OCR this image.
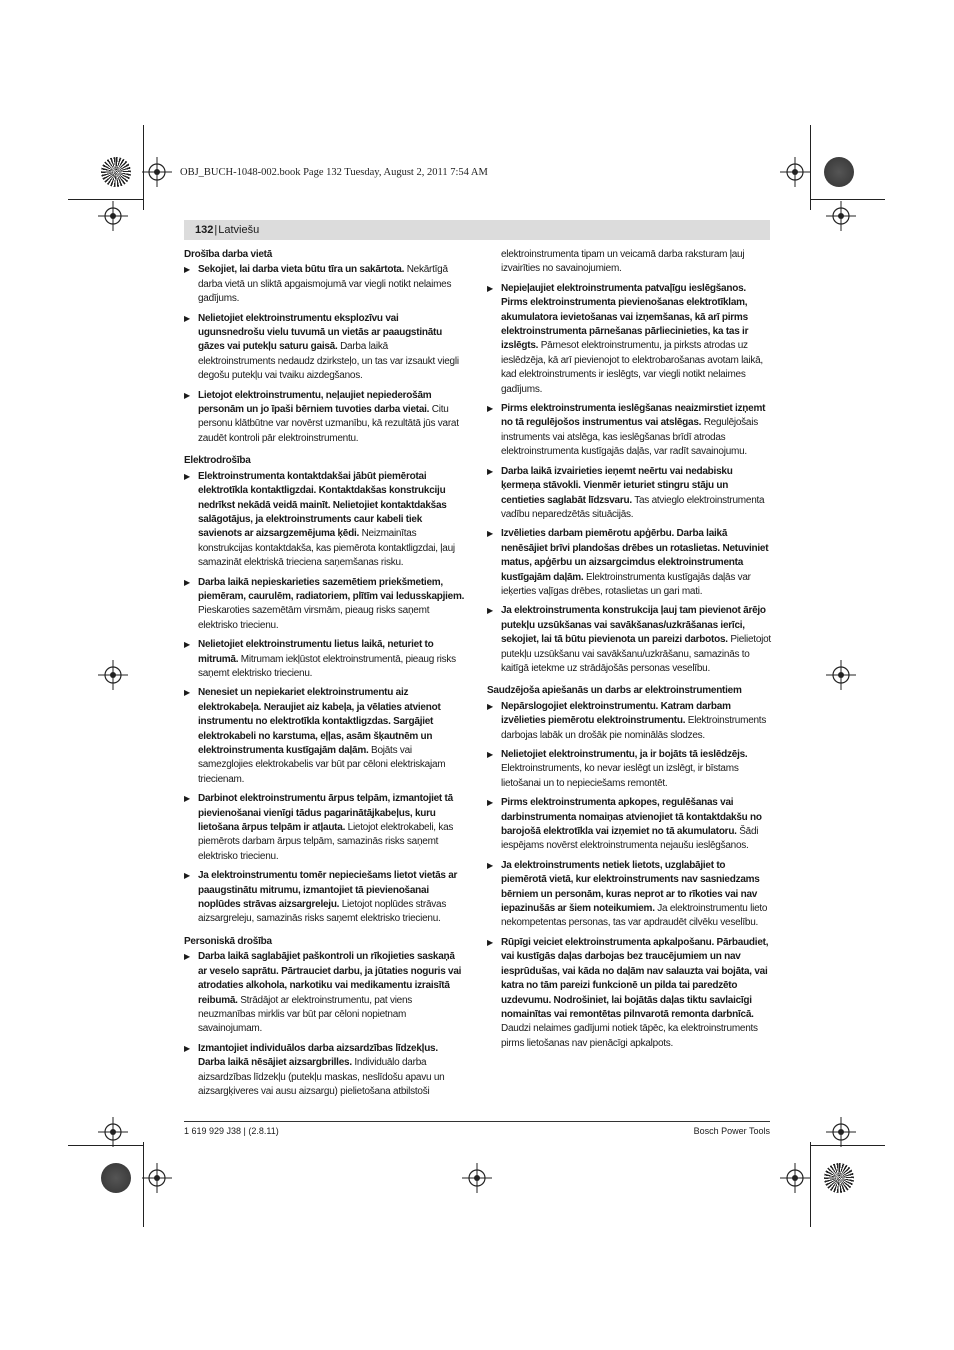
OBJ_BUCH-1048-002.book Page 132 Tuesday, August 2, 2011 7:54 AM
132|Latviešu
Drošība darba vietā
▶ Sekojiet, lai darba vieta būtu tīra un sakārtota. Nekārtīgā darba vietā un sliktā apgaismojumā var viegli notikt nelaimes gadījums.
▶ Nelietojiet elektroinstrumentu eksplozīvu vai ugunsnedrošu vielu tuvumā un vietās ar paaugstinātu gāzes vai putekļu saturu gaisā. Darba laikā elektroinstruments nedaudz dzirksteļo, un tas var izsaukt viegli degošu putekļu vai tvaiku aizdegšanos.
▶ Lietojot elektroinstrumentu, neļaujiet nepiederošām personām un jo īpaši bērniem tuvoties darba vietai. Citu personu klātbūtne var novērst uzmanību, kā rezultātā jūs varat zaudēt kontroli pār elektroinstrumentu.
Elektrodrošība
▶ Elektroinstrumenta kontaktdakšai jābūt piemērotai elektrotīkla kontaktligzdai. Kontaktdakšas konstrukciju nedrīkst nekādā veidā mainīt. Nelietojiet kontaktdakšas salāgotājus, ja elektroinstruments caur kabeli tiek savienots ar aizsargzemējuma ķēdi. Neizmainītas konstrukcijas kontaktdakša, kas piemērota kontaktligzdai, ļauj samazināt elektriskā trieciena saņemšanas risku.
▶ Darba laikā nepieskarieties sazemētiem priekšmetiem, piemēram, caurulēm, radiatoriem, plītīm vai ledusskapjiem. Pieskaroties sazemētām virsmām, pieaug risks saņemt elektrisko triecienu.
▶ Nelietojiet elektroinstrumentu lietus laikā, neturiet to mitrumā. Mitrumam iekļūstot elektroinstrumentā, pieaug risks saņemt elektrisko triecienu.
▶ Nenesiet un nepiekariet elektroinstrumentu aiz elektrokabeļa. Neraujiet aiz kabeļa, ja vēlaties atvienot instrumentu no elektrotīkla kontaktligzdas. Sargājiet elektrokabeli no karstuma, eļļas, asām šķautnēm un elektroinstrumenta kustīgajām daļām. Bojāts vai samezglojies elektrokabelis var būt par cēloni elektriskajam triecienam.
▶ Darbinot elektroinstrumentu ārpus telpām, izmantojiet tā pievienošanai vienīgi tādus pagarinātājkabeļus, kuru lietošana ārpus telpām ir atļauta. Lietojot elektrokabeli, kas piemērots darbam ārpus telpām, samazinās risks saņemt elektrisko triecienu.
▶ Ja elektroinstrumentu tomēr nepieciešams lietot vietās ar paaugstinātu mitrumu, izmantojiet tā pievienošanai noplūdes strāvas aizsargreleju. Lietojot noplūdes strāvas aizsargreleju, samazinās risks saņemt elektrisko triecienu.
Personiskā drošība
▶ Darba laikā saglabājiet paškontroli un rīkojieties saskaņā ar veselo saprātu. Pārtrauciet darbu, ja jūtaties noguris vai atrodaties alkohola, narkotiku vai medikamentu izraisītā reibumā. Strādājot ar elektroinstrumentu, pat viens neuzmanības mirklis var būt par cēloni nopietnam savainojumam.
▶ Izmantojiet individuālos darba aizsardzības līdzekļus. Darba laikā nēsājiet aizsargbrilles. Individuālo darba aizsardzības līdzekļu (putekļu maskas, neslīdošu apavu un aizsargķiveres vai ausu aizsargu) pielietošana atbilstoši
elektroinstrumenta tipam un veicamā darba raksturam ļauj izvairīties no savainojumiem.
▶ Nepieļaujiet elektroinstrumenta patvaļīgu ieslēgšanos. Pirms elektroinstrumenta pievienošanas elektrotīklam, akumulatora ievietošanas vai izņemšanas, kā arī pirms elektroinstrumenta pārnešanas pārliecinieties, ka tas ir izslēgts. Pārnesot elektroinstrumentu, ja pirksts atrodas uz ieslēdzēja, kā arī pievienojot to elektrobarošanas avotam laikā, kad elektroinstruments ir ieslēgts, var viegli notikt nelaimes gadījums.
▶ Pirms elektroinstrumenta ieslēgšanas neaizmirstiet izņemt no tā regulējošos instrumentus vai atslēgas. Regulējošais instruments vai atslēga, kas ieslēgšanas brīdī atrodas elektroinstrumenta kustīgajās daļās, var radīt savainojumu.
▶ Darba laikā izvairieties ieņemt neērtu vai nedabisku ķermeņa stāvokli. Vienmēr ieturiet stingru stāju un centieties saglabāt līdzsvaru. Tas atvieglo elektroinstrumenta vadību neparedzētās situācijās.
▶ Izvēlieties darbam piemērotu apģērbu. Darba laikā nenēsājiet brīvi plandošas drēbes un rotaslietas. Netuviniet matus, apģērbu un aizsargcimdus elektroinstrumenta kustīgajām daļām. Elektroinstrumenta kustīgajās daļās var ieķerties vaļīgas drēbes, rotaslietas un gari mati.
▶ Ja elektroinstrumenta konstrukcija ļauj tam pievienot ārējo putekļu uzsūkšanas vai savākšanas/uzkrāšanas ierīci, sekojiet, lai tā būtu pievienota un pareizi darbotos. Pielietojot putekļu uzsūkšanu vai savākšanu/uzkrāšanu, samazinās to kaitīgā ietekme uz strādājošās personas veselību.
Saudzējoša apiešanās un darbs ar elektroinstrumentiem
▶ Nepārslogojiet elektroinstrumentu. Katram darbam izvēlieties piemērotu elektroinstrumentu. Elektroinstruments darbojas labāk un drošāk pie nominālās slodzes.
▶ Nelietojiet elektroinstrumentu, ja ir bojāts tā ieslēdzējs. Elektroinstruments, ko nevar ieslēgt un izslēgt, ir bīstams lietošanai un to nepieciešams remontēt.
▶ Pirms elektroinstrumenta apkopes, regulēšanas vai darbinstrumenta nomaiņas atvienojiet tā kontaktdakšu no barojošā elektrotīkla vai izņemiet no tā akumulatoru. Šādi iespējams novērst elektroinstrumenta nejaušu ieslēgšanos.
▶ Ja elektroinstruments netiek lietots, uzglabājiet to piemērotā vietā, kur elektroinstruments nav sasniedzams bērniem un personām, kuras neprot ar to rīkoties vai nav iepazinušās ar šiem noteikumiem. Ja elektroinstrumentu lieto nekompetentas personas, tas var apdraudēt cilvēku veselību.
▶ Rūpīgi veiciet elektroinstrumenta apkalpošanu. Pārbaudiet, vai kustīgās daļas darbojas bez traucējumiem un nav iesprūdušas, vai kāda no daļām nav salauzta vai bojāta, vai katra no tām pareizi funkcionē un pilda tai paredzēto uzdevumu. Nodrošiniet, lai bojātās daļas tiktu savlaicīgi nomainītas vai remontētas pilnvarotā remonta darbnīcā. Daudzi nelaimes gadījumi notiek tāpēc, ka elektroinstruments pirms lietošanas nav pienācīgi apkalpots.
1 619 929 J38 | (2.8.11)	Bosch Power Tools
